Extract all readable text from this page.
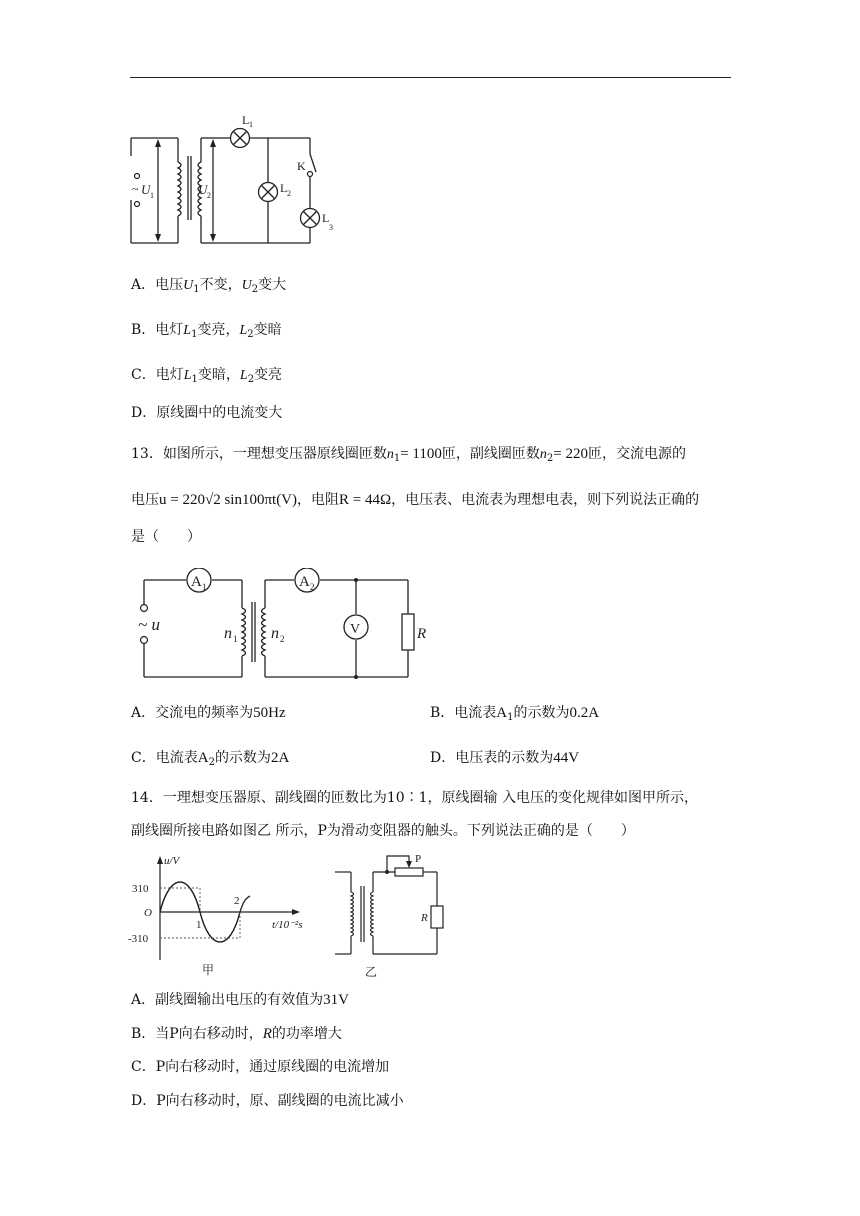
~ U 1	U 2
L 1
L 2
L
3
K
A．电压$U_1$不变，$U_2$变大
B．电灯$L_1$变亮，$L_2$变暗
C．电灯$L_1$变暗，$L_2$变亮
D．原线圈中的电流变大
13．如图所示，一理想变压器原线圈匝数$n_1= 1100$匝，副线圈匝数$n_2= 220$匝，交流电源的
电压u = 220√2 sin100πt(V)，电阻R = 44Ω，电压表、电流表为理想电表，则下列说法正确的
是（　　）
A 1	A 2
V	R
~ u	n 1 n 2
A．交流电的频率为50Hz	B．电流表$A_1$的示数为0.2A
C．电流表$A_2$的示数为2A	D．电压表的示数为44V
14．一理想变压器原、副线圈的匝数比为10∶1，原线圈输 入电压的变化规律如图甲所示，
副线圈所接电路如图乙 所示，P为滑动变阻器的触头。下列说法正确的是（　　）
u/V
310
-310
O
1
2
t/10⁻²s
甲
P
R
乙
A．副线圈输出电压的有效值为31V
B．当P向右移动时，R的功率增大
C．P向右移动时，通过原线圈的电流增加
D．P向右移动时，原、副线圈的电流比减小
